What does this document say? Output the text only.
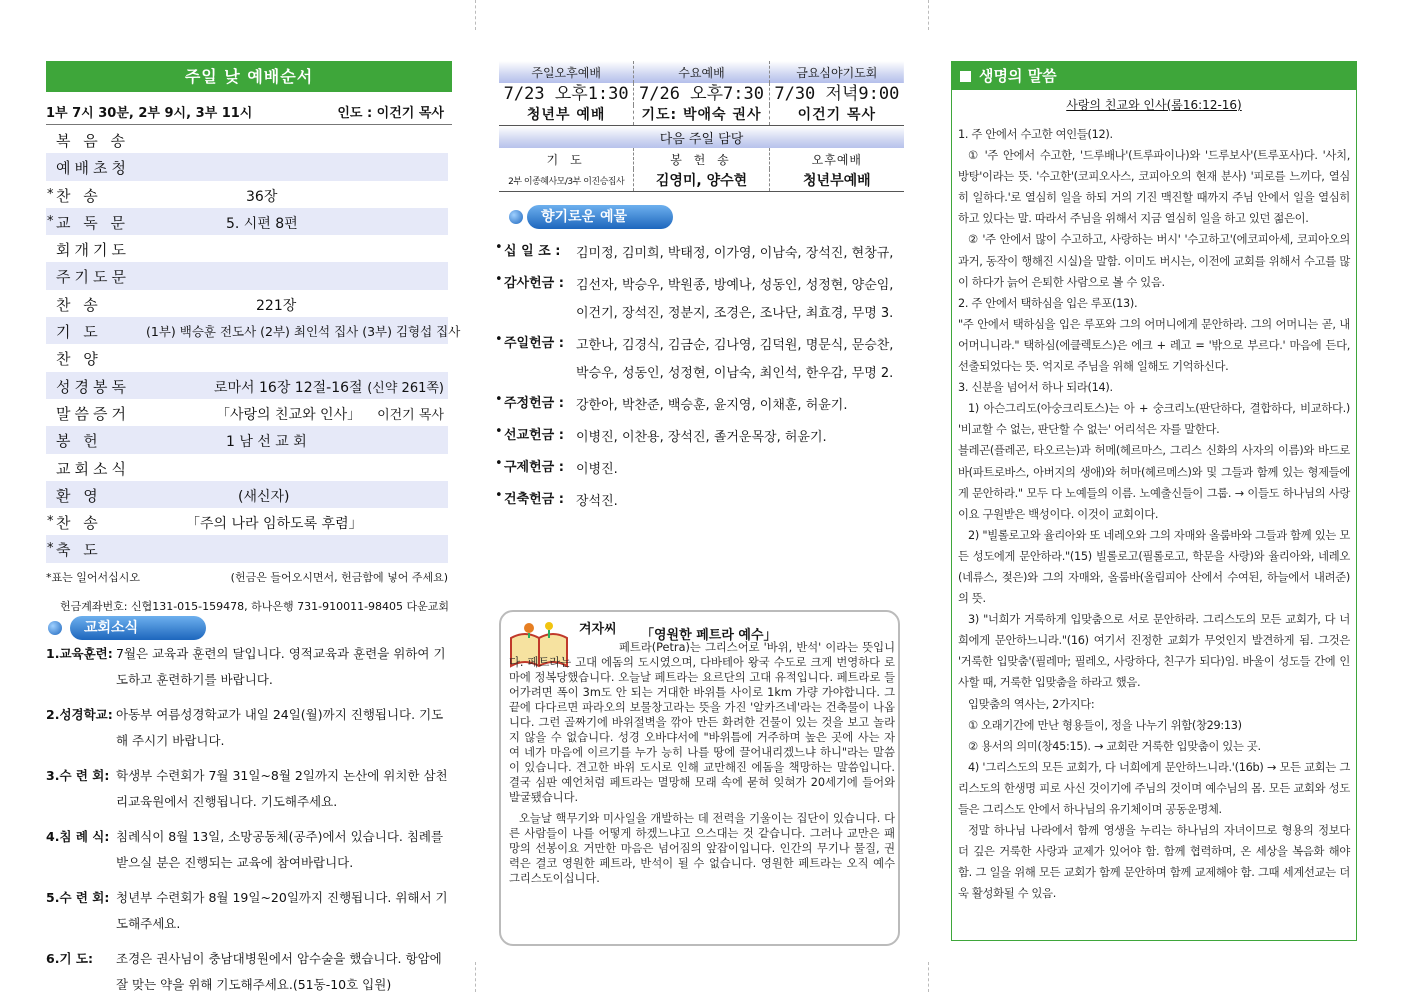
주일 낮 예배순서
1부 7시 30분, 2부 9시, 3부 11시	인도 : 이건기 목사
복 음 송
예배초청
* 찬 송	36장
* 교 독 문	5. 시편 8편
회개기도
주기도문
찬 송	221장
기 도	(1부) 백승훈 전도사 (2부) 최인석 집사 (3부) 김형섭 집사
찬 양
성경봉독	로마서 16장 12절-16절 (신약 261쪽)
말씀증거	「사랑의 친교와 인사」 이건기 목사
봉 헌	1 남 선 교 회
교회소식
환 영	(새신자)
* 찬 송	「주의 나라 임하도록 후렴」
* 축 도
*표는 일어서십시오	(헌금은 들어오시면서, 헌금함에 넣어 주세요)
헌금계좌번호: 신협131-015-159478, 하나은행 731-910011-98405 다운교회
교회소식
1.교육훈련: 7월은 교육과 훈련의 달입니다. 영적교육과 훈련을 위하여 기도하고 훈련하기를 바랍니다.
2.성경학교: 아동부 여름성경학교가 내일 24일(월)까지 진행됩니다. 기도해 주시기 바랍니다.
3.수 련 회: 학생부 수련회가 7월 31일~8월 2일까지 논산에 위치한 삼천리교육원에서 진행됩니다. 기도해주세요.
4.침 례 식: 침례식이 8월 13일, 소망공동체(공주)에서 있습니다. 침례를 받으실 분은 진행되는 교육에 참여바랍니다.
5.수 련 회: 청년부 수련회가 8월 19일~20일까지 진행됩니다. 위해서 기도해주세요.
6.기 도: 조경은 권사님이 충남대병원에서 암수술을 했습니다. 항암에 잘 맞는 약을 위해 기도해주세요.(51동-10호 입원)
주일오후예배	수요예배	금요심야기도회
7/23 오후1:30	7/26 오후7:30	7/30 저녁9:00
청년부 예배	기도: 박애숙 권사	이건기 목사
다음 주일 담당		
기 도	봉 헌 송	오후예배
2부 이종혜사모/3부 이진승집사	김영미, 양수현	청년부예배
향기로운 예물
십 일 조 : 김미정, 김미희, 박태정, 이가영, 이남숙, 장석진, 현창규,
•
감사헌금 : 김선자, 박승우, 박원종, 방예나, 성동인, 성정현, 양순임, 이건기, 장석진, 정분지, 조경은, 조나단, 최효경, 무명 3.
•
주일헌금 : 고한나, 김경식, 김금순, 김나영, 김덕원, 명문식, 문승찬, 박승우, 성동인, 성정현, 이남숙, 최인석, 한우감, 무명 2.
•
주정헌금 : 강한아, 박찬준, 백승훈, 윤지영, 이채훈, 허윤기.
•
선교헌금 : 이병진, 이찬용, 장석진, 졸거운목장, 허윤기.
•
구제헌금 : 이병진.
•
건축헌금 : 장석진.
•
겨자씨 「영원한 페트라 예수」

페트라(Petra)는 그리스어로 '바위, 반석' 이라는 뜻입니다. 페트라는 고대 에돔의 도시였으며, 다바테아 왕국 수도로 크게 번영하다 로마에 정복당했습니다. 오늘날 페트라는 요르단의 고대 유적입니다. 페트라로 들어가려면 폭이 3m도 안 되는 거대한 바위틀 사이로 1km 가량 가야합니다. 그 끝에 다다르면 파라오의 보물창고라는 뜻을 가진 '알카즈네'라는 건축물이 나옵니다. 그런 골짜기에 바위절벽을 깎아 만든 화려한 건물이 있는 것을 보고 놀라지 않을 수 없습니다. 성경 오바댜서에 "바위틈에 거주하며 높은 곳에 사는 자여 네가 마음에 이르기를 누가 능히 나를 땅에 끌어내리겠느냐 하니"라는 말씀이 있습니다. 견고한 바위 도시로 인해 교만해진 에돔을 책망하는 말씀입니다. 결국 심판 예언처럼 페트라는 멸망해 모래 속에 묻혀 잊혀가 20세기에 들어와 발굴됐습니다.

오늘날 핵무기와 미사일을 개발하는 데 전력을 기울이는 집단이 있습니다. 다른 사람들이 나를 어떻게 하겠느냐고 으스대는 것 같습니다. 그러나 교만은 패망의 선봉이요 거만한 마음은 넘어짐의 앞잡이입니다. 인간의 무기나 물질, 권력은 결코 영원한 페트라, 반석이 될 수 없습니다. 영원한 페트라는 오직 예수 그리스도이십니다.

생명의 말씀
사랑의 친교와 인사(롬16:12-16)

1. 주 안에서 수고한 여인들(12).

① '주 안에서 수고한, '드루배나'(트루파이나)와 '드루보사'(트루포사)다. '사치, 방탕'이라는 뜻. '수고한'(코피오사스, 코피아오의 현재 분사) '피로를 느끼다, 열심히 일하다.'로 열심히 일을 하되 거의 기진 맥진할 때까지 주님 안에서 일을 열심히 하고 있다는 말. 따라서 주님을 위해서 지금 열심히 일을 하고 있던 젊은이.

② '주 안에서 많이 수고하고, 사랑하는 버시' '수고하고'(에코피아세, 코피아오의 과거, 동작이 행해진 시실)을 말함. 이미도 버시는, 이전에 교회를 위해서 수고를 많이 하다가 늙어 은퇴한 사람으로 볼 수 있음.

2. 주 안에서 택하심을 입은 루포(13).

"주 안에서 택하심을 입은 루포와 그의 어머니에게 문안하라. 그의 어머니는 곧, 내 어머니니라." 택하심(에클렉토스)은 에크 + 레고 = '밖으로 부르다.' 마음에 든다, 선출되었다는 뜻. 억지로 주님을 위해 일해도 기억하신다.

3. 신분을 넘어서 하나 되라(14).

1) 아슨그리도(아숭크리토스)는 아 + 숭크리노(판단하다, 결합하다, 비교하다.) '비교할 수 없는, 판단할 수 없는' 어리석은 자를 말한다.

블레곤(플레곤, 타오르는)과 허메(헤르마스, 그리스 신화의 사자의 이름)와 바드로바(파트로바스, 아버지의 생애)와 허마(헤르메스)와 및 그들과 함께 있는 형제들에게 문안하라." 모두 다 노예들의 이름. 노예출신들이 그룹. → 이들도 하나님의 사랑이요 구원받은 백성이다. 이것이 교회이다.

2) "빌롤로고와 율리아와 또 네레오와 그의 자매와 올룸바와 그들과 함께 있는 모든 성도에게 문안하라."(15) 빌롤로고(필롤로고, 학문을 사랑)와 율리아와, 네레오(네류스, 젖은)와 그의 자매와, 올룸바(올림피아 산에서 수여된, 하늘에서 내려준)의 뜻.

3) "너희가 거룩하게 입맞춤으로 서로 문안하라. 그리스도의 모든 교회가, 다 너희에게 문안하느니라."(16) 여기서 진정한 교회가 무엇인지 발견하게 됨. 그것은 '거룩한 입맞춤'(필레마; 필레오, 사랑하다, 친구가 되다)임. 바울이 성도들 간에 인사할 때, 거룩한 입맞춤을 하라고 했음.

입맞춤의 역사는, 2가지다:

① 오래기간에 만난 형용들이, 정을 나누기 위함(창29:13)

② 용서의 의미(창45:15). → 교회란 거룩한 입맞춤이 있는 곳.

4) '그리스도의 모든 교회가, 다 너희에게 문안하느니라.'(16b) → 모든 교회는 그리스도의 한생명 피로 사신 것이기에 주님의 것이며 예수님의 몸. 모든 교회와 성도들은 그리스도 안에서 하나님의 유기체이며 공동운명체.

정말 하나님 나라에서 함께 영생을 누리는 하나님의 자녀이므로 형용의 정보다 더 깊은 거룩한 사랑과 교제가 있어야 함. 함께 협력하며, 온 세상을 복음화 해야 함. 그 일을 위해 모든 교회가 함께 문안하며 함께 교제해야 함. 그때 세계선교는 더욱 활성화될 수 있음.
